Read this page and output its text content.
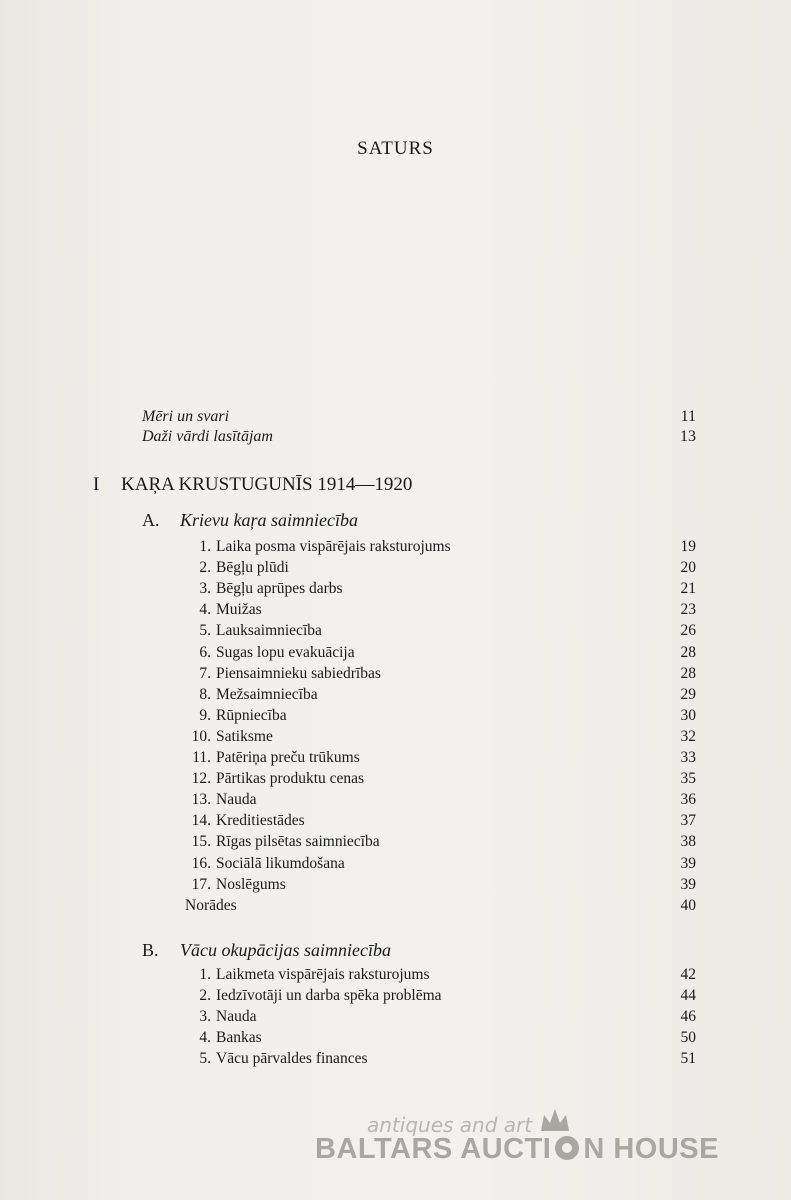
SATURS
Mēri un svari	11
Daži vārdi lasītājam	13
I KAŖA KRUSTUGUNĪS 1914—1920
A. Krievu kaŗa saimniecība
1. Laika posma vispārējais raksturojums	19
2. Bēgļu plūdi	20
3. Bēgļu aprūpes darbs	21
4. Muižas	23
5. Lauksaimniecība	26
6. Sugas lopu evakuācija	28
7. Piensaimnieku sabiedrības	28
8. Mežsaimniecība	29
9. Rūpniecība	30
10. Satiksme	32
11. Patēriņa preču trūkums	33
12. Pārtikas produktu cenas	35
13. Nauda	36
14. Kreditiestādes	37
15. Rīgas pilsētas saimniecība	38
16. Sociālā likumdošana	39
17. Noslēgums	39
Norādes	40
B. Vācu okupācijas saimniecība
1. Laikmeta vispārējais raksturojums	42
2. Iedzīvotāji un darba spēka problēma	44
3. Nauda	46
4. Bankas	50
5. Vācu pārvaldes finances	51
antiques and art
BALTARS AUCTI N HOUSE
